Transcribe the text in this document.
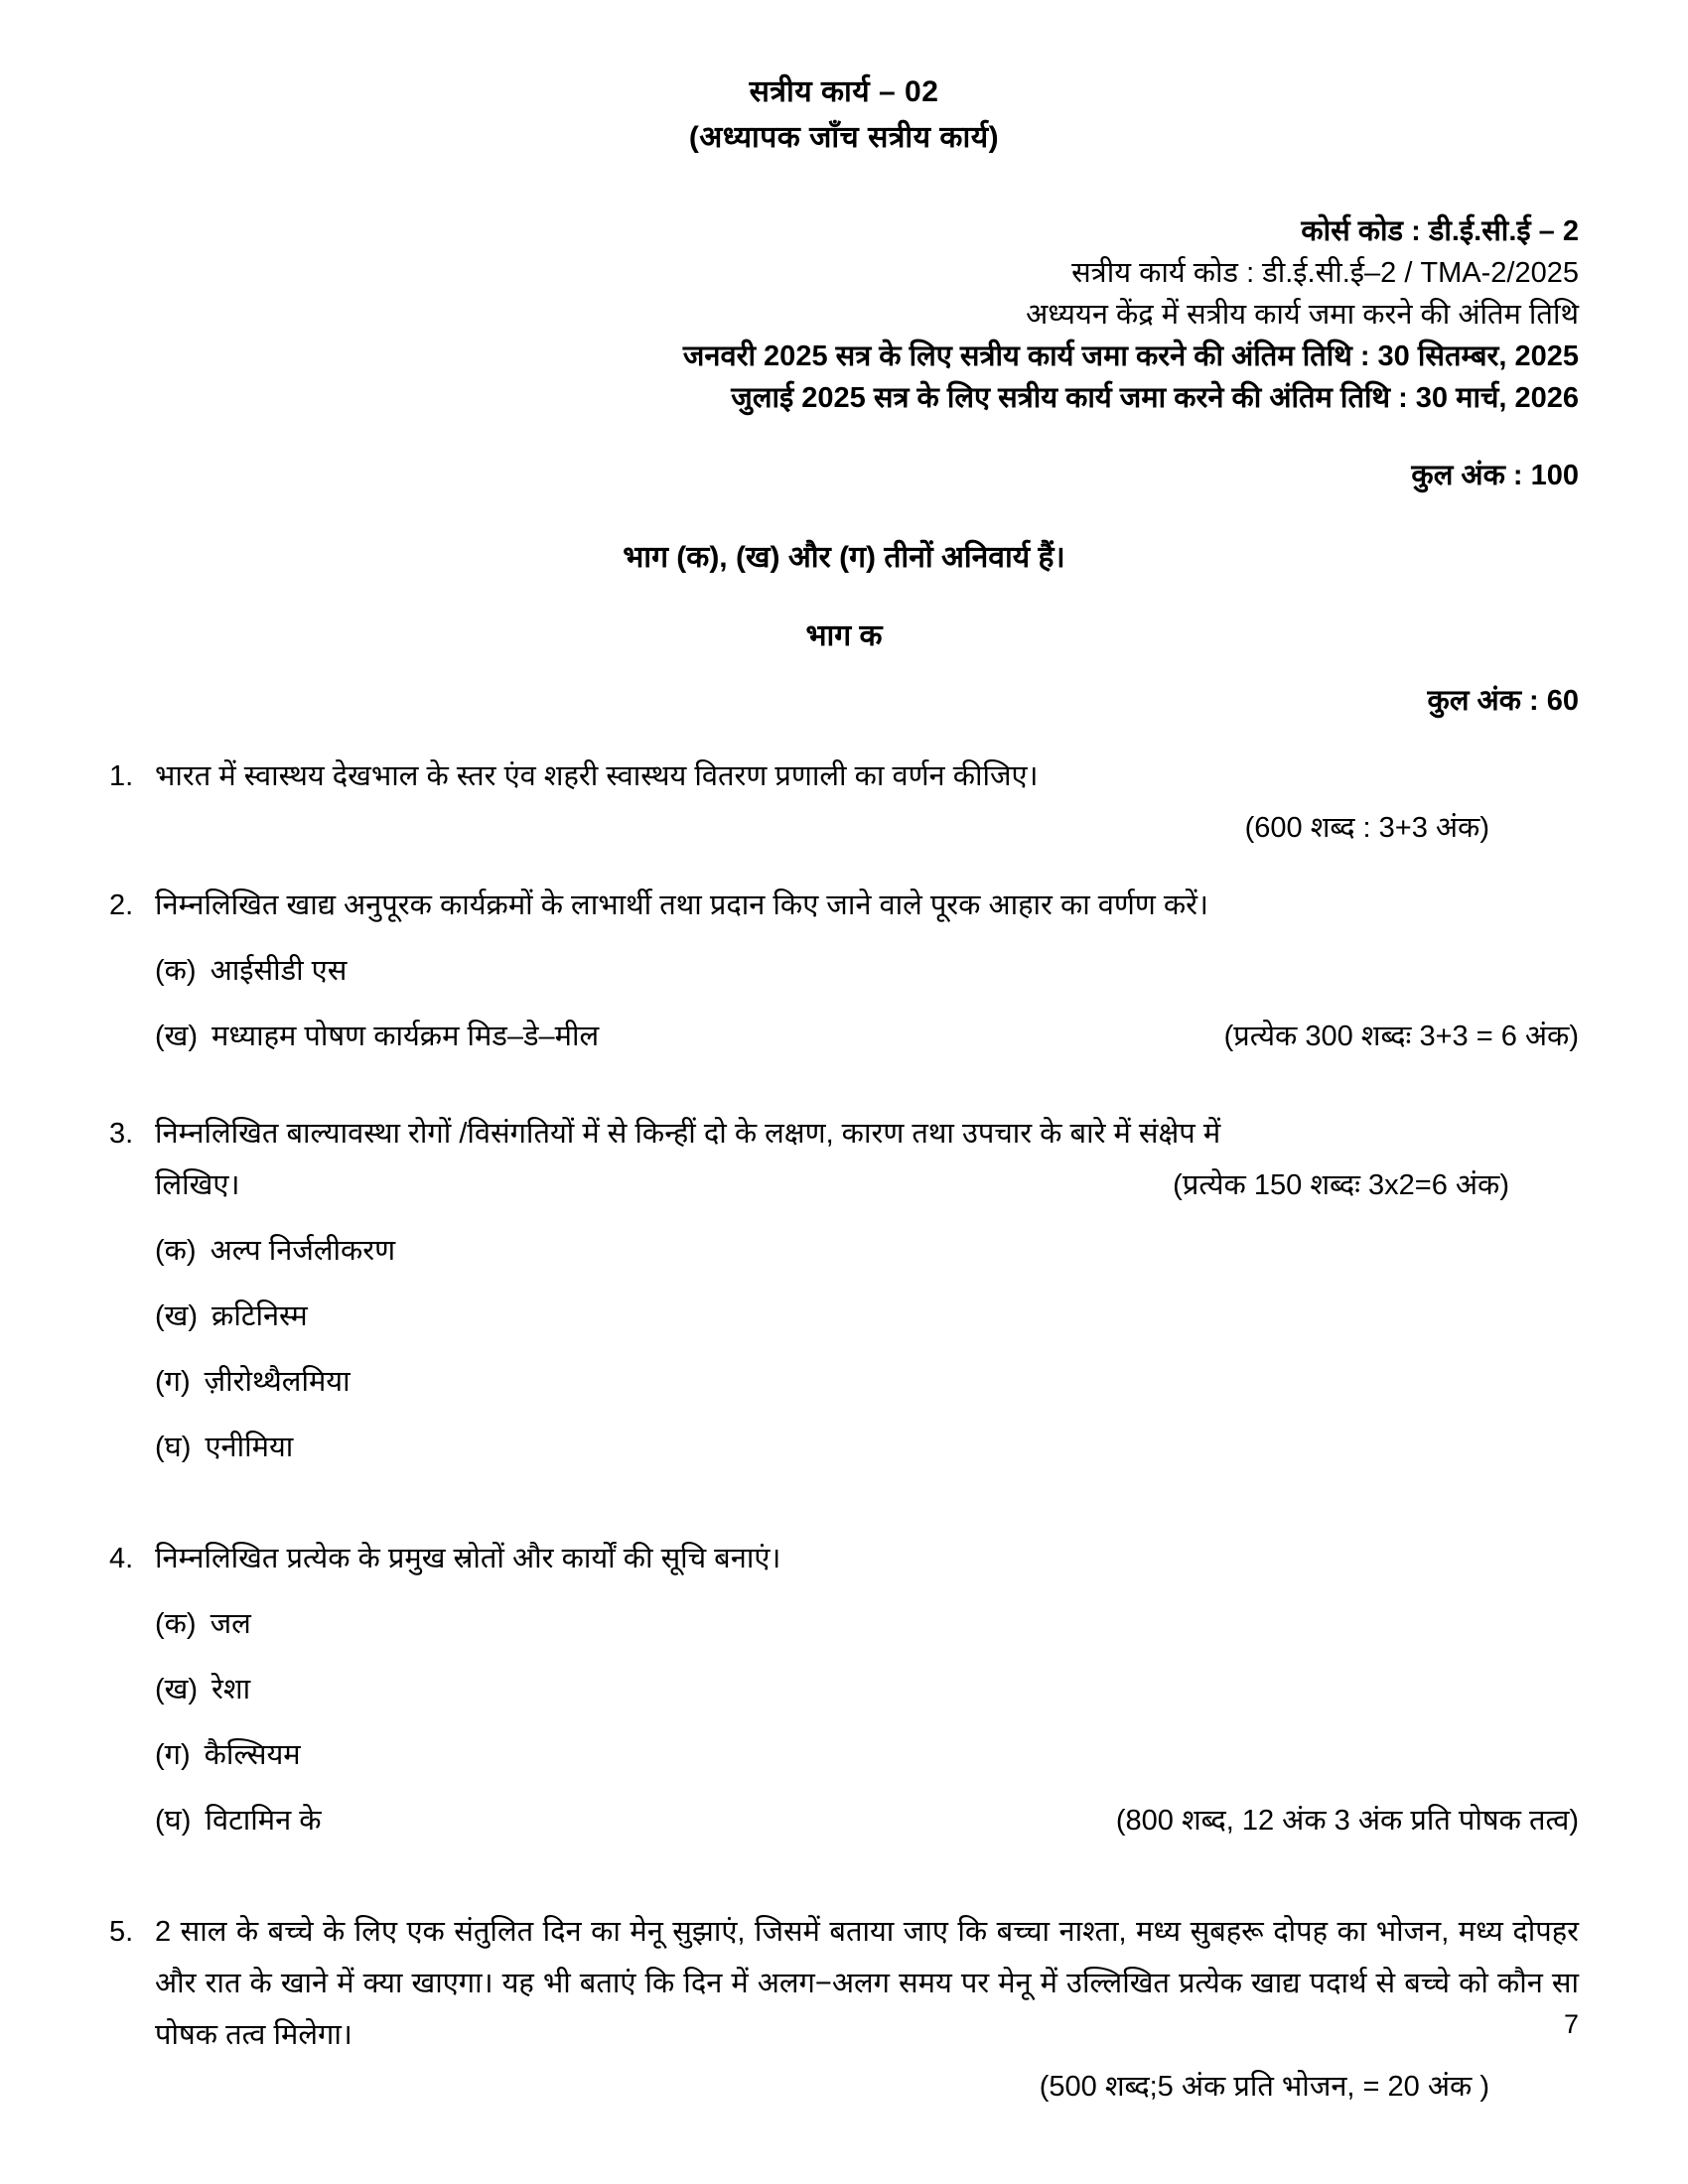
सत्रीय कार्य – 02
(अध्यापक जाँच सत्रीय कार्य)
कोर्स कोड : डी.ई.सी.ई – 2
सत्रीय कार्य कोड : डी.ई.सी.ई–2 / TMA-2/2025
अध्ययन केंद्र में सत्रीय कार्य जमा करने की अंतिम तिथि
जनवरी 2025 सत्र के लिए सत्रीय कार्य जमा करने की अंतिम तिथि : 30 सितम्बर, 2025
जुलाई 2025 सत्र के लिए सत्रीय कार्य जमा करने की अंतिम तिथि : 30 मार्च, 2026
कुल अंक : 100
भाग (क), (ख) और (ग) तीनों अनिवार्य हैं।
भाग क
कुल अंक : 60
1. भारत में स्वास्थय देखभाल के स्तर एंव शहरी स्वास्थय वितरण प्रणाली का वर्णन कीजिए।
(600 शब्द : 3+3 अंक)
2. निम्नलिखित खाद्य अनुपूरक कार्यक्रमों के लाभार्थी तथा प्रदान किए जाने वाले पूरक आहार का वर्णण करें।
(क) आईसीडी एस
(ख) मध्याहम पोषण कार्यक्रम मिड–डे–मील	(प्रत्येक 300 शब्दः 3+3 = 6 अंक)
3. निम्नलिखित बाल्यावस्था रोगों /विसंगतियों में से किन्हीं दो के लक्षण, कारण तथा उपचार के बारे में संक्षेप में
लिखिए।	(प्रत्येक 150 शब्दः 3x2=6 अंक)
(क) अल्प निर्जलीकरण
(ख) क्रटिनिस्म
(ग) ज़ीरोथ्थैलमिया
(घ) एनीमिया
4. निम्नलिखित प्रत्येक के प्रमुख स्रोतों और कार्यों की सूचि बनाएं।
(क) जल
(ख) रेशा
(ग) कैल्सियम
(घ) विटामिन के	(800 शब्द, 12 अंक 3 अंक प्रति पोषक तत्व)
5. 2 साल के बच्चे के लिए एक संतुलित दिन का मेनू सुझाएं, जिसमें बताया जाए कि बच्चा नाश्ता, मध्य सुबहरू दोपह का भोजन, मध्य दोपहर और रात के खाने में क्या खाएगा। यह भी बताएं कि दिन में अलग−अलग समय पर मेनू में उल्लिखित प्रत्येक खाद्य पदार्थ से बच्चे को कौन सा पोषक तत्व मिलेगा।
(500 शब्द;5 अंक प्रति भोजन, = 20 अंक )
7
